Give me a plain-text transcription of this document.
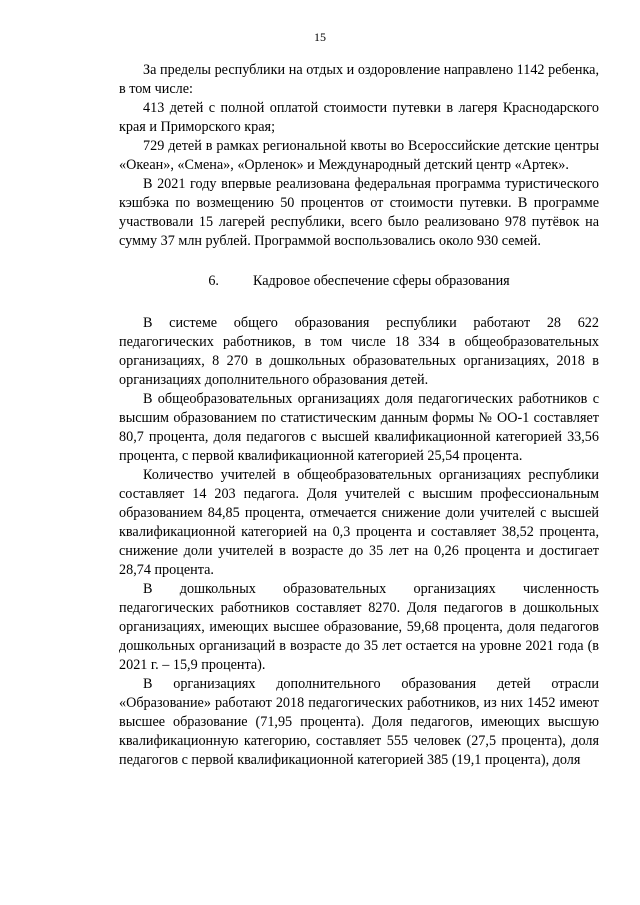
15

За пределы республики на отдых и оздоровление направлено 1142 ребенка, в том числе:

413 детей с полной оплатой стоимости путевки в лагеря Краснодарского края и Приморского края;

729 детей в рамках региональной квоты во Всероссийские детские центры «Океан», «Смена», «Орленок» и Международный детский центр «Артек».

В 2021 году впервые реализована федеральная программа туристического кэшбэка по возмещению 50 процентов от стоимости путевки. В программе участвовали 15 лагерей республики, всего было реализовано 978 путёвок на сумму 37 млн рублей. Программой воспользовались около 930 семей.

6. Кадровое обеспечение сферы образования

В системе общего образования республики работают 28 622 педагогических работников, в том числе 18 334 в общеобразовательных организациях, 8 270 в дошкольных образовательных организациях, 2018 в организациях дополнительного образования детей.

В общеобразовательных организациях доля педагогических работников с высшим образованием по статистическим данным формы № ОО-1 составляет 80,7 процента, доля педагогов с высшей квалификационной категорией 33,56 процента, с первой квалификационной категорией 25,54 процента.

Количество учителей в общеобразовательных организациях республики составляет 14 203 педагога. Доля учителей с высшим профессиональным образованием 84,85 процента, отмечается снижение доли учителей с высшей квалификационной категорией на 0,3 процента и составляет 38,52 процента, снижение доли учителей в возрасте до 35 лет на 0,26 процента и достигает 28,74 процента.

В дошкольных образовательных организациях численность педагогических работников составляет 8270. Доля педагогов в дошкольных организациях, имеющих высшее образование, 59,68 процента, доля педагогов дошкольных организаций в возрасте до 35 лет остается на уровне 2021 года (в 2021 г. – 15,9 процента).

В организациях дополнительного образования детей отрасли «Образование» работают 2018 педагогических работников, из них 1452 имеют высшее образование (71,95 процента). Доля педагогов, имеющих высшую квалификационную категорию, составляет 555 человек (27,5 процента), доля педагогов с первой квалификационной категорией 385 (19,1 процента), доля
